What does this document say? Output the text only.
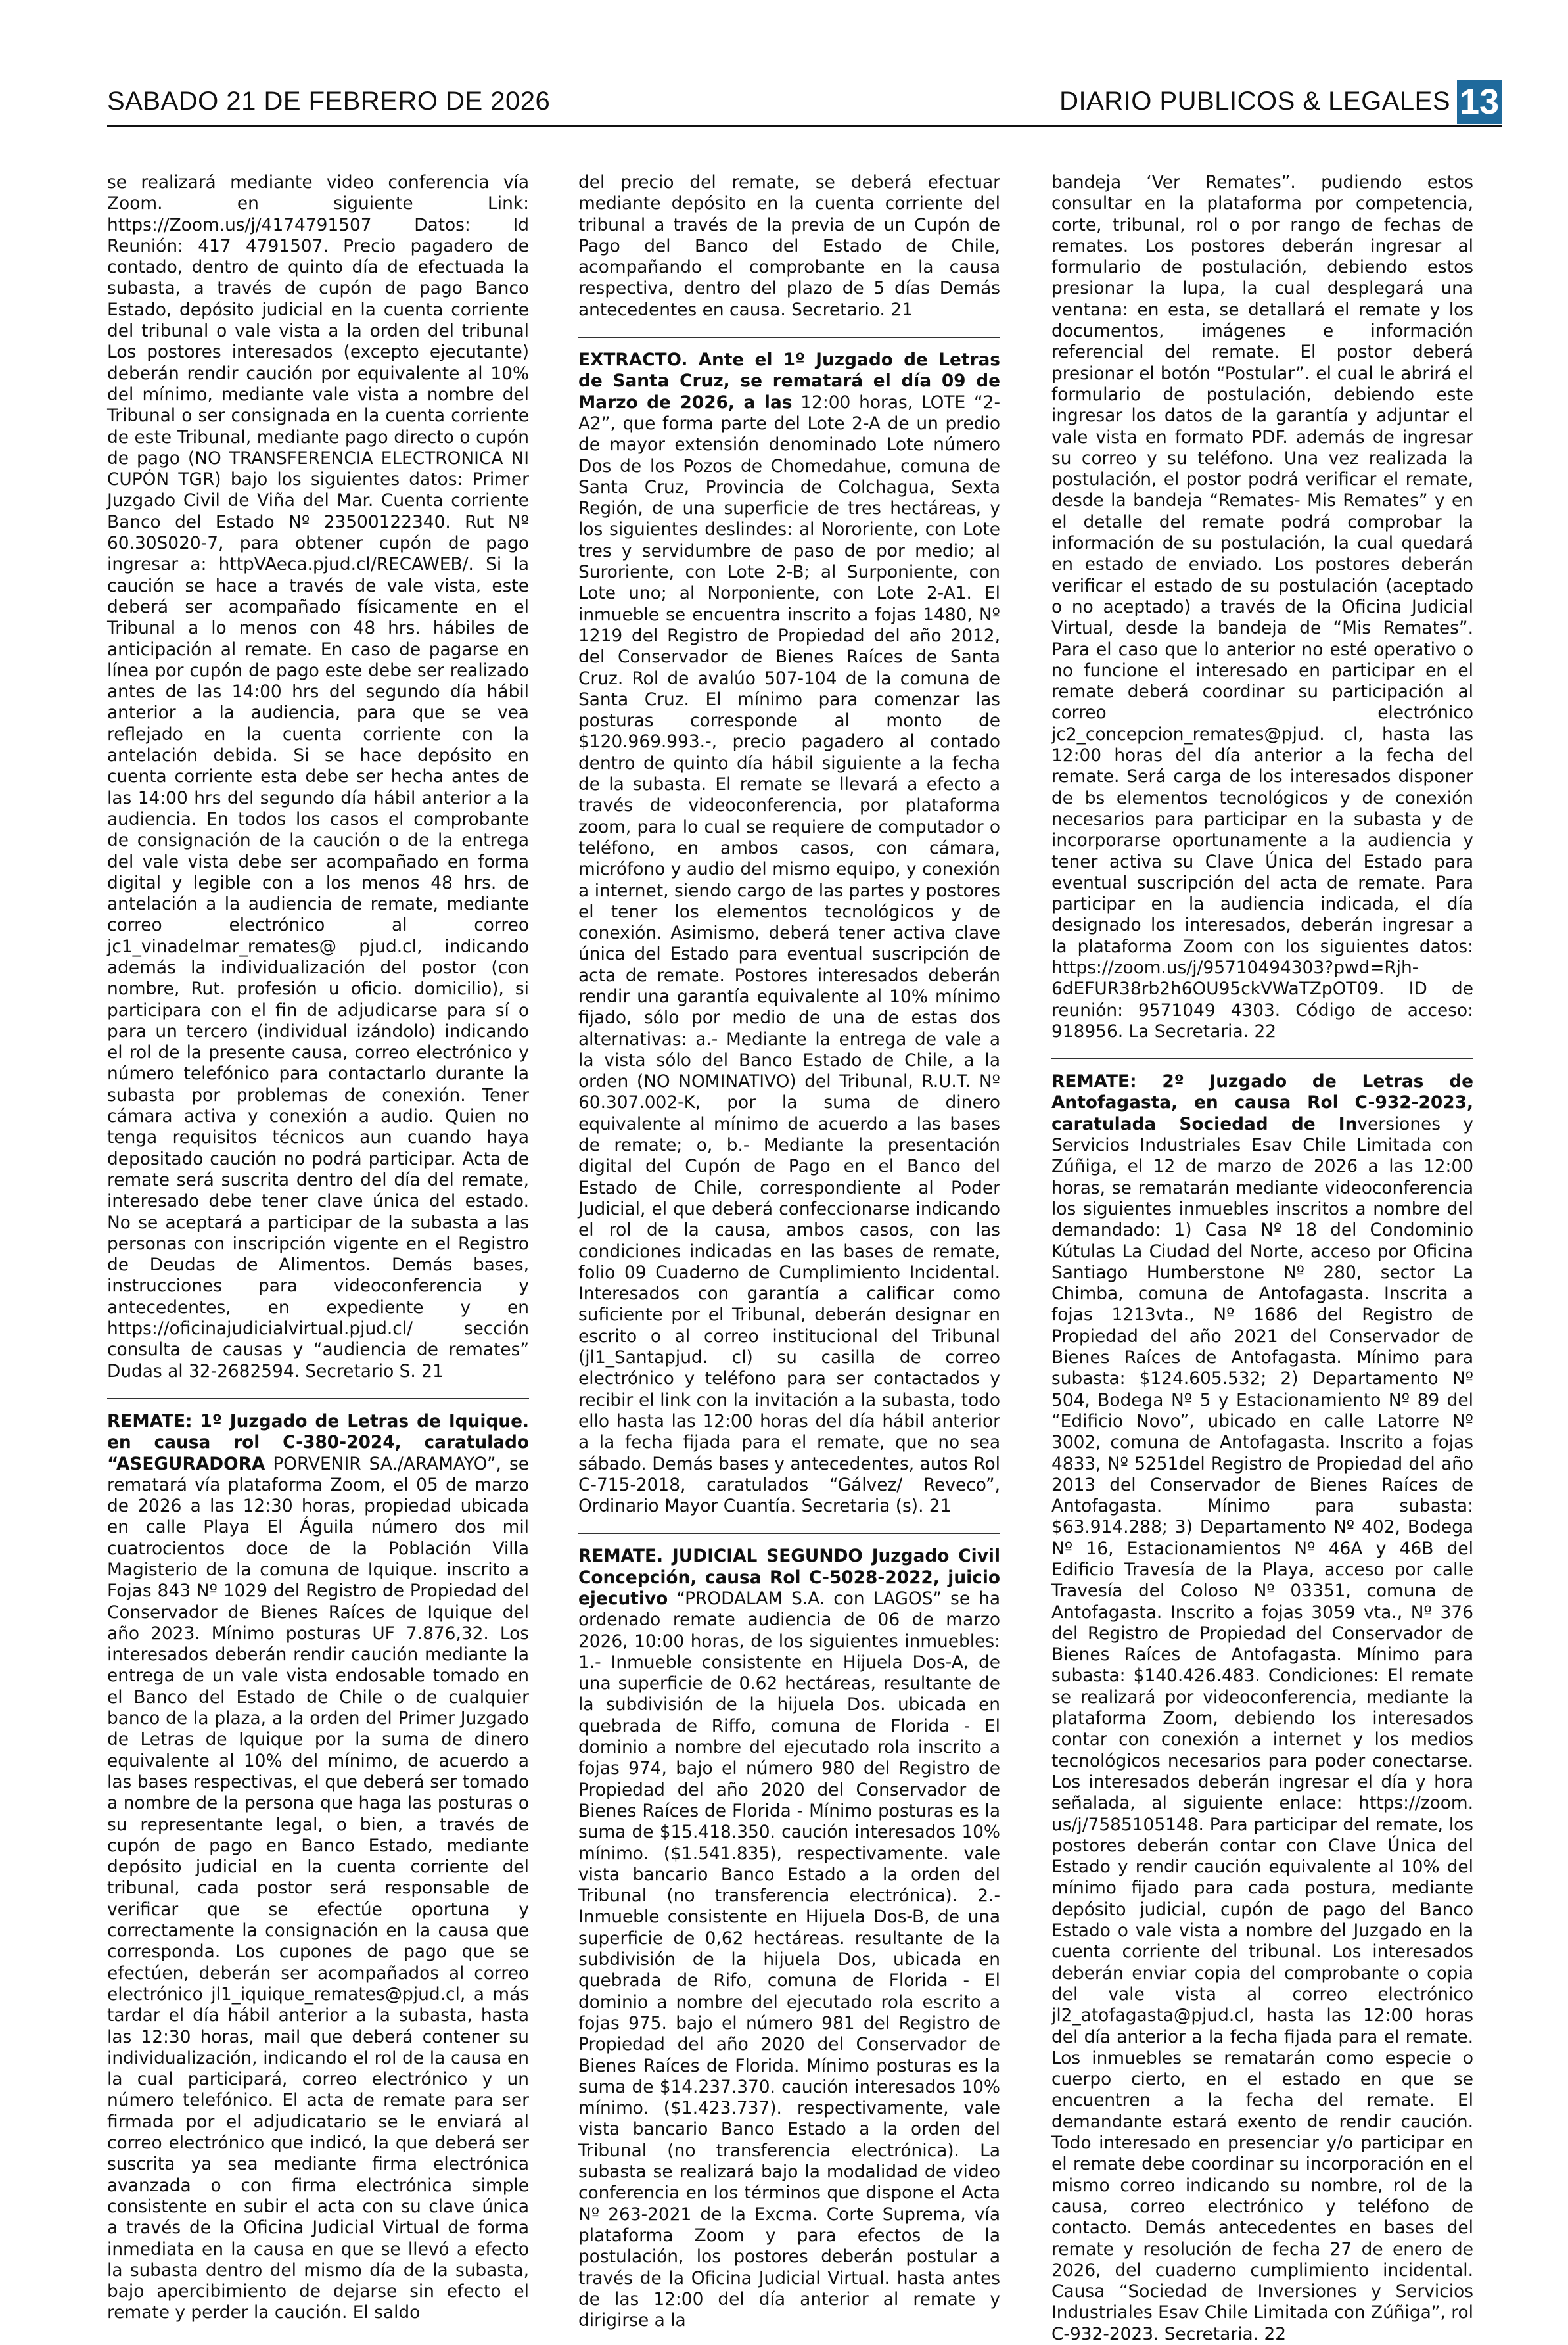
SABADO 21 DE FEBRERO DE 2026	DIARIO PUBLICOS & LEGALES 13

se realizará mediante video conferencia vía Zoom. en siguiente Link: https://Zoom.us/j/4174791507 Datos: Id Reunión: 417 4791507. Precio pagadero de contado, dentro de quinto día de efectuada la subasta, a través de cupón de pago Banco Estado, depósito judicial en la cuenta corriente del tribunal o vale vista a la orden del tribunal Los postores interesados (excepto ejecutante) deberán rendir caución por equivalente al 10% del mínimo, mediante vale vista a nombre del Tribunal o ser consignada en la cuenta corriente de este Tribunal, mediante pago directo o cupón de pago (NO TRANSFERENCIA ELECTRONICA NI CUPÓN TGR) bajo los siguientes datos: Primer Juzgado Civil de Viña del Mar. Cuenta corriente Banco del Estado Nº 23500122340. Rut Nº 60.30S020-7, para obtener cupón de pago ingresar a: httpVAeca.pjud.cl/RECAWEB/. Si la caución se hace a través de vale vista, este deberá ser acompañado físicamente en el Tribunal a lo menos con 48 hrs. hábiles de anticipación al remate. En caso de pagarse en línea por cupón de pago este debe ser realizado antes de las 14:00 hrs del segundo día hábil anterior a la audiencia, para que se vea reflejado en la cuenta corriente con la antelación debida. Si se hace depósito en cuenta corriente esta debe ser hecha antes de las 14:00 hrs del segundo día hábil anterior a la audiencia. En todos los casos el comprobante de consignación de la caución o de la entrega del vale vista debe ser acompañado en forma digital y legible con a los menos 48 hrs. de antelación a la audiencia de remate, mediante correo electrónico al correo jc1_vinadelmar_remates@ pjud.cl, indicando además la individualización del postor (con nombre, Rut. profesión u oficio. domicilio), si participara con el fin de adjudicarse para sí o para un tercero (individual izándolo) indicando el rol de la presente causa, correo electrónico y número telefónico para contactarlo durante la subasta por problemas de conexión. Tener cámara activa y conexión a audio. Quien no tenga requisitos técnicos aun cuando haya depositado caución no podrá participar. Acta de remate será suscrita dentro del día del remate, interesado debe tener clave única del estado. No se aceptará a participar de la subasta a las personas con inscripción vigente en el Registro de Deudas de Alimentos. Demás bases, instrucciones para videoconferencia y antecedentes, en expediente y en https://oficinajudicialvirtual.pjud.cl/ sección consulta de causas y “audiencia de remates” Dudas al 32-2682594. Secretario S. 21

REMATE: 1º Juzgado de Letras de Iquique. en causa rol C-380-2024, caratulado “ASEGURADORA PORVENIR SA./ARAMAYO”, se rematará vía plataforma Zoom, el 05 de marzo de 2026 a las 12:30 horas, propiedad ubicada en calle Playa El Águila número dos mil cuatrocientos doce de la Población Villa Magisterio de la comuna de Iquique. inscrito a Fojas 843 Nº 1029 del Registro de Propiedad del Conservador de Bienes Raíces de Iquique del año 2023. Mínimo posturas UF 7.876,32. Los interesados deberán rendir caución mediante la entrega de un vale vista endosable tomado en el Banco del Estado de Chile o de cualquier banco de la plaza, a la orden del Primer Juzgado de Letras de Iquique por la suma de dinero equivalente al 10% del mínimo, de acuerdo a las bases respectivas, el que deberá ser tomado a nombre de la persona que haga las posturas o su representante legal, o bien, a través de cupón de pago en Banco Estado, mediante depósito judicial en la cuenta corriente del tribunal, cada postor será responsable de verificar que se efectúe oportuna y correctamente la consignación en la causa que corresponda. Los cupones de pago que se efectúen, deberán ser acompañados al correo electrónico jl1_iquique_remates@pjud.cl, a más tardar el día hábil anterior a la subasta, hasta las 12:30 horas, mail que deberá contener su individualización, indicando el rol de la causa en la cual participará, correo electrónico y un número telefónico. El acta de remate para ser firmada por el adjudicatario se le enviará al correo electrónico que indicó, la que deberá ser suscrita ya sea mediante firma electrónica avanzada o con firma electrónica simple consistente en subir el acta con su clave única a través de la Oficina Judicial Virtual de forma inmediata en la causa en que se llevó a efecto la subasta dentro del mismo día de la subasta, bajo apercibimiento de dejarse sin efecto el remate y perder la caución. El saldo

del precio del remate, se deberá efectuar mediante depósito en la cuenta corriente del tribunal a través de la previa de un Cupón de Pago del Banco del Estado de Chile, acompañando el comprobante en la causa respectiva, dentro del plazo de 5 días Demás antecedentes en causa. Secretario. 21

EXTRACTO. Ante el 1º Juzgado de Letras de Santa Cruz, se rematará el día 09 de Marzo de 2026, a las 12:00 horas, LOTE “2-A2”, que forma parte del Lote 2-A de un predio de mayor extensión denominado Lote número Dos de los Pozos de Chomedahue, comuna de Santa Cruz, Provincia de Colchagua, Sexta Región, de una superficie de tres hectáreas, y los siguientes deslindes: al Nororiente, con Lote tres y servidumbre de paso de por medio; al Suroriente, con Lote 2-B; al Surponiente, con Lote uno; al Norponiente, con Lote 2-A1. El inmueble se encuentra inscrito a fojas 1480, Nº 1219 del Registro de Propiedad del año 2012, del Conservador de Bienes Raíces de Santa Cruz. Rol de avalúo 507-104 de la comuna de Santa Cruz. El mínimo para comenzar las posturas corresponde al monto de $120.969.993.-, precio pagadero al contado dentro de quinto día hábil siguiente a la fecha de la subasta. El remate se llevará a efecto a través de videoconferencia, por plataforma zoom, para lo cual se requiere de computador o teléfono, en ambos casos, con cámara, micrófono y audio del mismo equipo, y conexión a internet, siendo cargo de las partes y postores el tener los elementos tecnológicos y de conexión. Asimismo, deberá tener activa clave única del Estado para eventual suscripción de acta de remate. Postores interesados deberán rendir una garantía equivalente al 10% mínimo fijado, sólo por medio de una de estas dos alternativas: a.- Mediante la entrega de vale a la vista sólo del Banco Estado de Chile, a la orden (NO NOMINATIVO) del Tribunal, R.U.T. Nº 60.307.002-K, por la suma de dinero equivalente al mínimo de acuerdo a las bases de remate; o, b.- Mediante la presentación digital del Cupón de Pago en el Banco del Estado de Chile, correspondiente al Poder Judicial, el que deberá confeccionarse indicando el rol de la causa, ambos casos, con las condiciones indicadas en las bases de remate, folio 09 Cuaderno de Cumplimiento Incidental. Interesados con garantía a calificar como suficiente por el Tribunal, deberán designar en escrito o al correo institucional del Tribunal (jl1_Santapjud. cl) su casilla de correo electrónico y teléfono para ser contactados y recibir el link con la invitación a la subasta, todo ello hasta las 12:00 horas del día hábil anterior a la fecha fijada para el remate, que no sea sábado. Demás bases y antecedentes, autos Rol C-715-2018, caratulados “Gálvez/ Reveco”, Ordinario Mayor Cuantía. Secretaria (s). 21

REMATE. JUDICIAL SEGUNDO Juzgado Civil Concepción, causa Rol C-5028-2022, juicio ejecutivo “PRODALAM S.A. con LAGOS” se ha ordenado remate audiencia de 06 de marzo 2026, 10:00 horas, de los siguientes inmuebles: 1.- Inmueble consistente en Hijuela Dos-A, de una superficie de 0.62 hectáreas, resultante de la subdivisión de la hijuela Dos. ubicada en quebrada de Riffo, comuna de Florida - El dominio a nombre del ejecutado rola inscrito a fojas 974, bajo el número 980 del Registro de Propiedad del año 2020 del Conservador de Bienes Raíces de Florida - Mínimo posturas es la suma de $15.418.350. caución interesados 10% mínimo. ($1.541.835), respectivamente. vale vista bancario Banco Estado a la orden del Tribunal (no transferencia electrónica). 2.- Inmueble consistente en Hijuela Dos-B, de una superficie de 0,62 hectáreas. resultante de la subdivisión de la hijuela Dos, ubicada en quebrada de Rifo, comuna de Florida - El dominio a nombre del ejecutado rola escrito a fojas 975. bajo el número 981 del Registro de Propiedad del año 2020 del Conservador de Bienes Raíces de Florida. Mínimo posturas es la suma de $14.237.370. caución interesados 10% mínimo. ($1.423.737). respectivamente, vale vista bancario Banco Estado a la orden del Tribunal (no transferencia electrónica). La subasta se realizará bajo la modalidad de video conferencia en los términos que dispone el Acta Nº 263-2021 de la Excma. Corte Suprema, vía plataforma Zoom y para efectos de la postulación, los postores deberán postular a través de la Oficina Judicial Virtual. hasta antes de las 12:00 del día anterior al remate y dirigirse a la

bandeja ‘Ver Remates”. pudiendo estos consultar en la plataforma por competencia, corte, tribunal, rol o por rango de fechas de remates. Los postores deberán ingresar al formulario de postulación, debiendo estos presionar la lupa, la cual desplegará una ventana: en esta, se detallará el remate y los documentos, imágenes e información referencial del remate. El postor deberá presionar el botón “Postular”. el cual le abrirá el formulario de postulación, debiendo este ingresar los datos de la garantía y adjuntar el vale vista en formato PDF. además de ingresar su correo y su teléfono. Una vez realizada la postulación, el postor podrá verificar el remate, desde la bandeja “Remates- Mis Remates” y en el detalle del remate podrá comprobar la información de su postulación, la cual quedará en estado de enviado. Los postores deberán verificar el estado de su postulación (aceptado o no aceptado) a través de la Oficina Judicial Virtual, desde la bandeja de “Mis Remates”. Para el caso que lo anterior no esté operativo o no funcione el interesado en participar en el remate deberá coordinar su participación al correo electrónico jc2_concepcion_remates@pjud. cl, hasta las 12:00 horas del día anterior a la fecha del remate. Será carga de los interesados disponer de bs elementos tecnológicos y de conexión necesarios para participar en la subasta y de incorporarse oportunamente a la audiencia y tener activa su Clave Única del Estado para eventual suscripción del acta de remate. Para participar en la audiencia indicada, el día designado los interesados, deberán ingresar a la plataforma Zoom con los siguientes datos: https://zoom.us/j/95710494303?pwd=Rjh-6dEFUR38rb2h6OU95ckVWaTZpOT09. ID de reunión: 9571049 4303. Código de acceso: 918956. La Secretaria. 22

REMATE: 2º Juzgado de Letras de Antofagasta, en causa Rol C-932-2023, caratulada Sociedad de Inversiones y Servicios Industriales Esav Chile Limitada con Zúñiga, el 12 de marzo de 2026 a las 12:00 horas, se rematarán mediante videoconferencia los siguientes inmuebles inscritos a nombre del demandado: 1) Casa Nº 18 del Condominio Kútulas La Ciudad del Norte, acceso por Oficina Santiago Humberstone Nº 280, sector La Chimba, comuna de Antofagasta. Inscrita a fojas 1213vta., Nº 1686 del Registro de Propiedad del año 2021 del Conservador de Bienes Raíces de Antofagasta. Mínimo para subasta: $124.605.532; 2) Departamento Nº 504, Bodega Nº 5 y Estacionamiento Nº 89 del “Edificio Novo”, ubicado en calle Latorre Nº 3002, comuna de Antofagasta. Inscrito a fojas 4833, Nº 5251del Registro de Propiedad del año 2013 del Conservador de Bienes Raíces de Antofagasta. Mínimo para subasta: $63.914.288; 3) Departamento Nº 402, Bodega Nº 16, Estacionamientos Nº 46A y 46B del Edificio Travesía de la Playa, acceso por calle Travesía del Coloso Nº 03351, comuna de Antofagasta. Inscrito a fojas 3059 vta., Nº 376 del Registro de Propiedad del Conservador de Bienes Raíces de Antofagasta. Mínimo para subasta: $140.426.483. Condiciones: El remate se realizará por videoconferencia, mediante la plataforma Zoom, debiendo los interesados contar con conexión a internet y los medios tecnológicos necesarios para poder conectarse. Los interesados deberán ingresar el día y hora señalada, al siguiente enlace: https://zoom. us/j/7585105148. Para participar del remate, los postores deberán contar con Clave Única del Estado y rendir caución equivalente al 10% del mínimo fijado para cada postura, mediante depósito judicial, cupón de pago del Banco Estado o vale vista a nombre del Juzgado en la cuenta corriente del tribunal. Los interesados deberán enviar copia del comprobante o copia del vale vista al correo electrónico jl2_atofagasta@pjud.cl, hasta las 12:00 horas del día anterior a la fecha fijada para el remate. Los inmuebles se rematarán como especie o cuerpo cierto, en el estado en que se encuentren a la fecha del remate. El demandante estará exento de rendir caución. Todo interesado en presenciar y/o participar en el remate debe coordinar su incorporación en el mismo correo indicando su nombre, rol de la causa, correo electrónico y teléfono de contacto. Demás antecedentes en bases del remate y resolución de fecha 27 de enero de 2026, del cuaderno cumplimiento incidental. Causa “Sociedad de Inversiones y Servicios Industriales Esav Chile Limitada con Zúñiga”, rol C-932-2023. Secretaria. 22
